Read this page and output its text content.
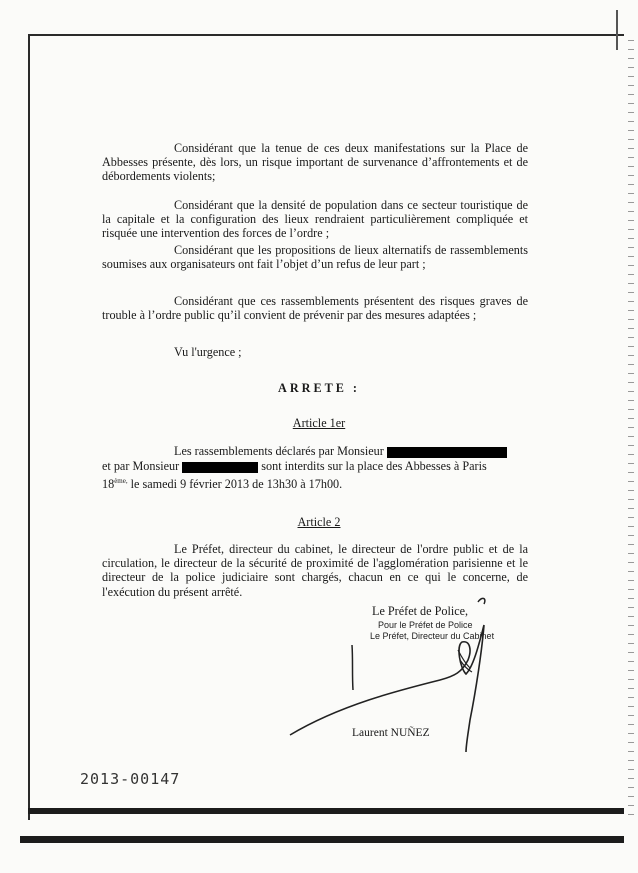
Considérant que la tenue de ces deux manifestations sur la Place de Abbesses présente, dès lors, un risque important de survenance d’affrontements et de débordements violents;

Considérant que la densité de population dans ce secteur touristique de la capitale et la configuration des lieux rendraient particulièrement compliquée et risquée une intervention des forces de l’ordre ;

Considérant que les propositions de lieux alternatifs de rassemblements soumises aux organisateurs ont fait l’objet d’un refus de leur part ;

Considérant que ces rassemblements présentent des risques graves de trouble à l’ordre public qu’il convient de prévenir par des mesures adaptées ;

Vu l'urgence ;

ARRETE :

Article 1er

Les rassemblements déclarés par Monsieur

et par Monsieur	sont interdits sur la place des Abbesses à Paris

$18^{ème,}$ le samedi 9 février 2013 de 13h30 à 17h00.

Article 2

Le Préfet, directeur du cabinet, le directeur de l'ordre public et de la circulation, le directeur de la sécurité de proximité de l'agglomération parisienne et le directeur de la police judiciaire sont chargés, chacun en ce qui le concerne, de l'exécution du présent arrêté.

Le Préfet de Police,

Pour le Préfet de Police

Le Préfet, Directeur du Cabinet

Laurent NUÑEZ

2013-00147
